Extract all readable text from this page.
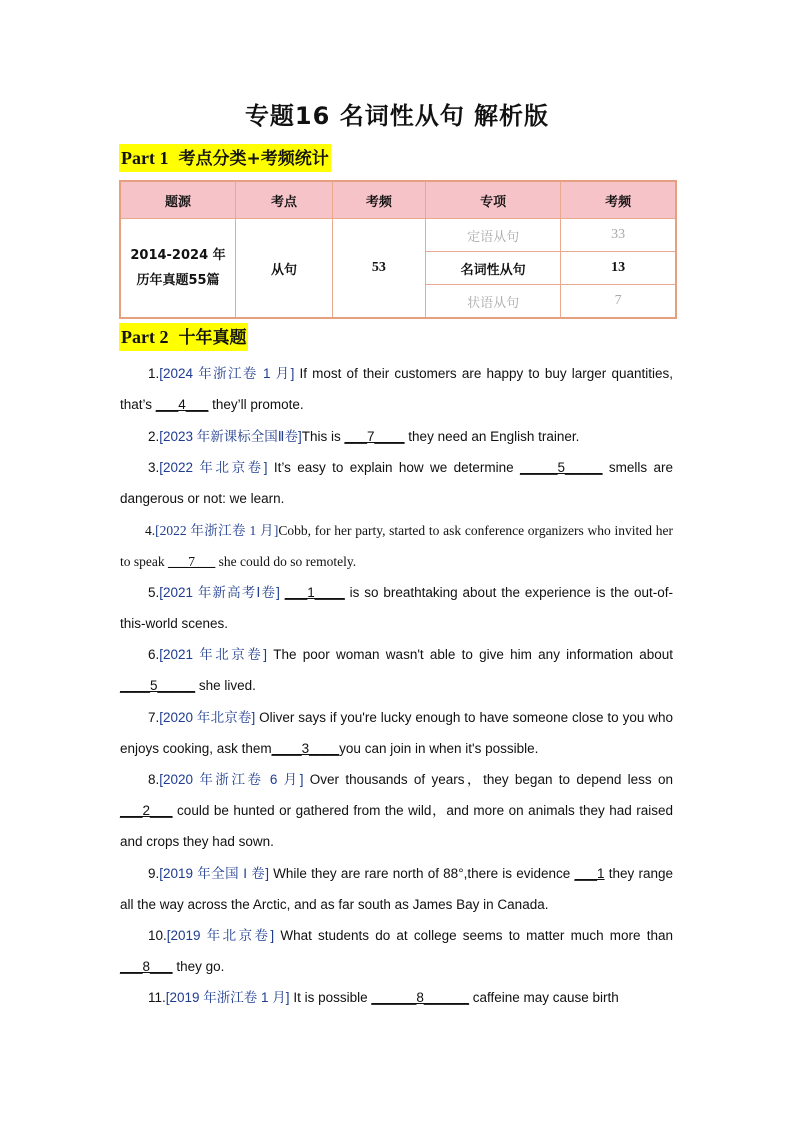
专题16 名词性从句 解析版
Part 1 考点分类+考频统计
题源	考点	考频	专项	考频

2014-2024 年
历年真题55篇	从句	53	定语从句	33
			名词性从句	13
			状语从句	7
Part 2 十年真题
1.[2024 年浙江卷 1 月] If most of their customers are happy to buy larger quantities, that’s ___4___ they’ll promote.
2.[2023 年新课标全国Ⅱ卷]This is ___7____ they need an English trainer.
3.[2022 年北京卷] It’s easy to explain how we determine _____5_____ smells are dangerous or not: we learn.
4.[2022 年浙江卷 1 月]Cobb, for her party, started to ask conference organizers who invited her to speak ___7___ she could do so remotely.
5.[2021 年新高考Ⅰ卷] ___1____ is so breathtaking about the experience is the out-of-this-world scenes.
6.[2021 年北京卷] The poor woman wasn't able to give him any information about ____5_____ she lived.
7.[2020 年北京卷] Oliver says if you're lucky enough to have someone close to you who enjoys cooking, ask them____3____you can join in when it's possible.
8.[2020 年浙江卷 6 月] Over thousands of years，they began to depend less on ___2___ could be hunted or gathered from the wild，and more on animals they had raised and crops they had sown.
9.[2019 年全国 I 卷] While they are rare north of 88°,there is evidence ___1 they range all the way across the Arctic, and as far south as James Bay in Canada.
10.[2019 年北京卷] What students do at college seems to matter much more than ___8___ they go.
11.[2019 年浙江卷 1 月] It is possible ______8______ caffeine may cause birth
